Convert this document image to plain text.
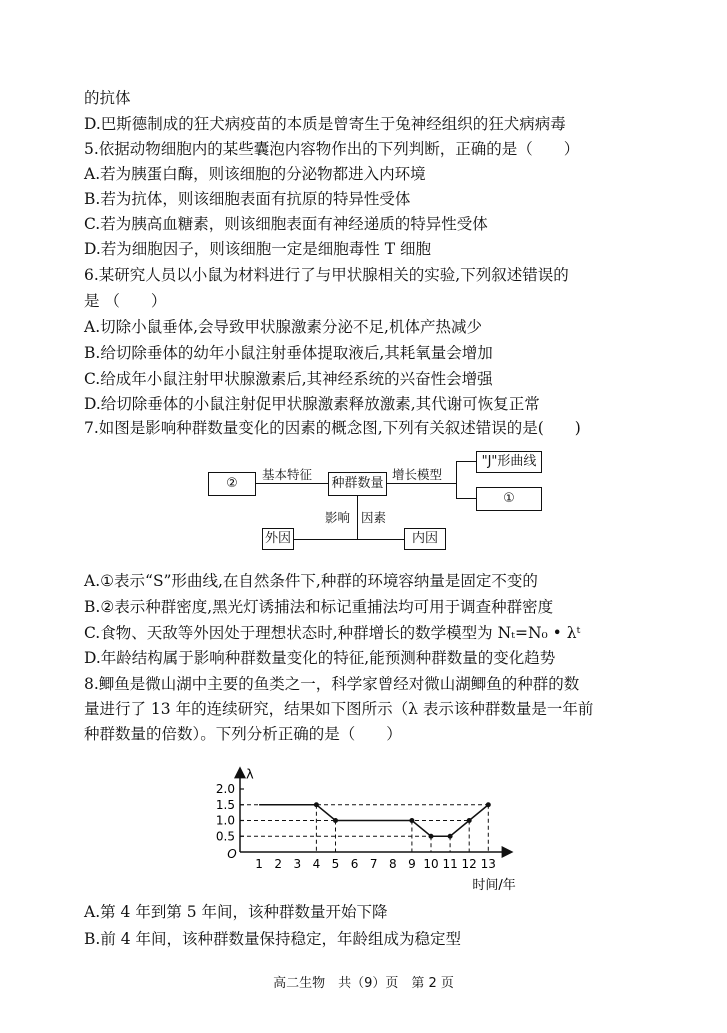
的抗体
D.巴斯德制成的狂犬病疫苗的本质是曾寄生于兔神经组织的狂犬病病毒
5.依据动物细胞内的某些囊泡内容物作出的下列判断，正确的是（　　）
A.若为胰蛋白酶，则该细胞的分泌物都进入内环境
B.若为抗体，则该细胞表面有抗原的特异性受体
C.若为胰高血糖素，则该细胞表面有神经递质的特异性受体
D.若为细胞因子，则该细胞一定是细胞毒性 T 细胞
6.某研究人员以小鼠为材料进行了与甲状腺相关的实验,下列叙述错误的
是 （　　）
A.切除小鼠垂体,会导致甲状腺激素分泌不足,机体产热减少
B.给切除垂体的幼年小鼠注射垂体提取液后,其耗氧量会增加
C.给成年小鼠注射甲状腺激素后,其神经系统的兴奋性会增强
D.给切除垂体的小鼠注射促甲状腺激素释放激素,其代谢可恢复正常
7.如图是影响种群数量变化的因素的概念图,下列有关叙述错误的是(　　)
②	种群数量
"J"形曲线
①
外因	内因
基本特征	增长模型
影响 因素
A.①表示“S”形曲线,在自然条件下,种群的环境容纳量是固定不变的
B.②表示种群密度,黑光灯诱捕法和标记重捕法均可用于调查种群密度
C.食物、天敌等外因处于理想状态时,种群增长的数学模型为 Nₜ=N₀ • λᵗ
D.年龄结构属于影响种群数量变化的特征,能预测种群数量的变化趋势
8.鲫鱼是微山湖中主要的鱼类之一，科学家曾经对微山湖鲫鱼的种群的数
量进行了 13 年的连续研究，结果如下图所示（λ 表示该种群数量是一年前
种群数量的倍数）。下列分析正确的是（　　）
2.0
1.5
1.0
0.5
1 2 3 4 5 6 7 8 9 10 11 12 13
O
λ
时间/年
A.第 4 年到第 5 年间，该种群数量开始下降
B.前 4 年间，该种群数量保持稳定，年龄组成为稳定型
高二生物　共（9）页　第 2 页
